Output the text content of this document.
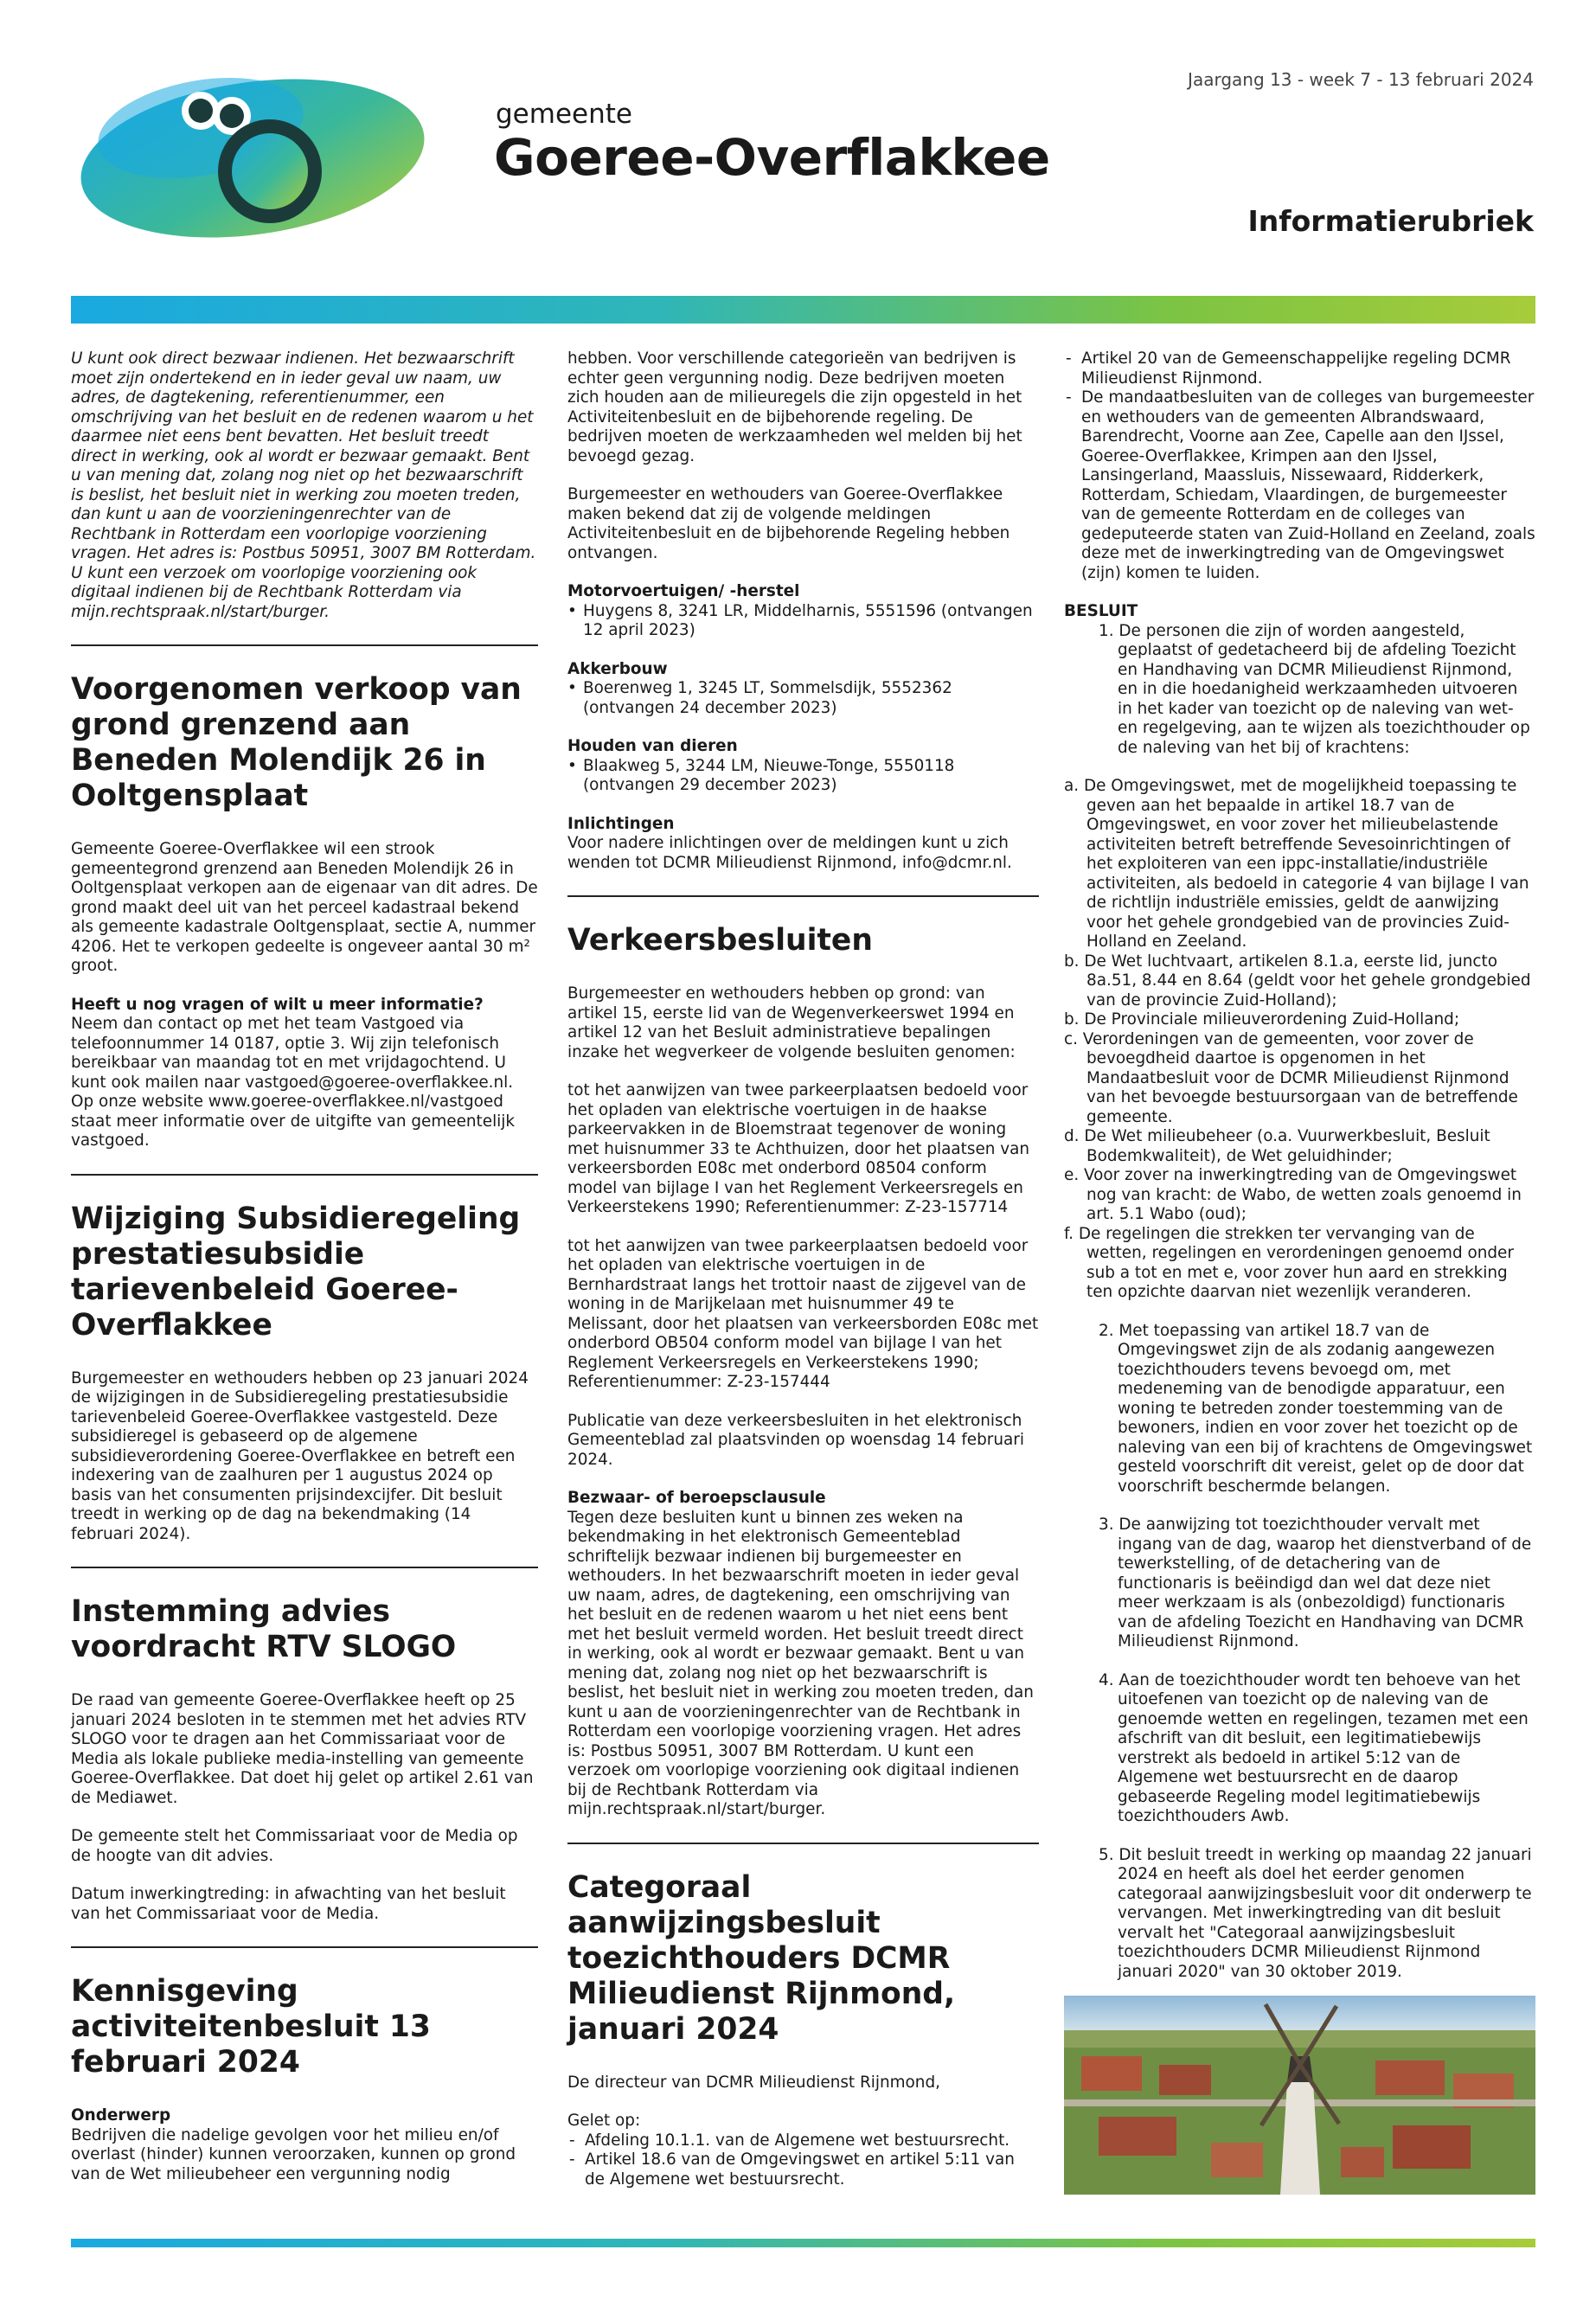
gemeente
Goeree-Overflakkee
Jaargang 13 - week 7 - 13 februari 2024
Informatierubriek

U kunt ook direct bezwaar indienen. Het bezwaarschrift moet zijn ondertekend en in ieder geval uw naam, uw adres, de dagtekening, referentienummer, een omschrijving van het besluit en de redenen waarom u het daarmee niet eens bent bevatten. Het besluit treedt direct in werking, ook al wordt er bezwaar gemaakt. Bent u van mening dat, zolang nog niet op het bezwaarschrift is beslist, het besluit niet in werking zou moeten treden, dan kunt u aan de voorzieningenrechter van de Rechtbank in Rotterdam een voorlopige voorziening vragen. Het adres is: Postbus 50951, 3007 BM Rotterdam. U kunt een verzoek om voorlopige voorziening ook digitaal indienen bij de Rechtbank Rotterdam via mijn.rechtspraak.nl/start/burger.

Voorgenomen verkoop van grond grenzend aan Beneden Molendijk 26 in Ooltgensplaat

Gemeente Goeree-Overflakkee wil een strook gemeentegrond grenzend aan Beneden Molendijk 26 in Ooltgensplaat verkopen aan de eigenaar van dit adres. De grond maakt deel uit van het perceel kadastraal bekend als gemeente kadastrale Ooltgensplaat, sectie A, nummer 4206. Het te verkopen gedeelte is ongeveer aantal 30 m² groot.

Heeft u nog vragen of wilt u meer informatie?

Neem dan contact op met het team Vastgoed via telefoonnummer 14 0187, optie 3. Wij zijn telefonisch bereikbaar van maandag tot en met vrijdagochtend. U kunt ook mailen naar vastgoed@goeree-overflakkee.nl. Op onze website www.goeree-overflakkee.nl/vastgoed staat meer informatie over de uitgifte van gemeentelijk vastgoed.

Wijziging Subsidieregeling prestatiesubsidie tarievenbeleid Goeree-Overflakkee

Burgemeester en wethouders hebben op 23 januari 2024 de wijzigingen in de Subsidieregeling prestatiesubsidie tarievenbeleid Goeree-Overflakkee vastgesteld. Deze subsidieregel is gebaseerd op de algemene subsidieverordening Goeree-Overflakkee en betreft een indexering van de zaalhuren per 1 augustus 2024 op basis van het consumenten prijsindexcijfer. Dit besluit treedt in werking op de dag na bekendmaking (14 februari 2024).

Instemming advies voordracht RTV SLOGO

De raad van gemeente Goeree-Overflakkee heeft op 25 januari 2024 besloten in te stemmen met het advies RTV SLOGO voor te dragen aan het Commissariaat voor de Media als lokale publieke media-instelling van gemeente Goeree-Overflakkee. Dat doet hij gelet op artikel 2.61 van de Mediawet.

De gemeente stelt het Commissariaat voor de Media op de hoogte van dit advies.

Datum inwerkingtreding: in afwachting van het besluit van het Commissariaat voor de Media.

Kennisgeving activiteitenbesluit 13 februari 2024
Onderwerp

Bedrijven die nadelige gevolgen voor het milieu en/of overlast (hinder) kunnen veroorzaken, kunnen op grond van de Wet milieubeheer een vergunning nodig

hebben. Voor verschillende categorieën van bedrijven is echter geen vergunning nodig. Deze bedrijven moeten zich houden aan de milieuregels die zijn opgesteld in het Activiteitenbesluit en de bijbehorende regeling. De bedrijven moeten de werkzaamheden wel melden bij het bevoegd gezag.

Burgemeester en wethouders van Goeree-Overflakkee maken bekend dat zij de volgende meldingen Activiteitenbesluit en de bijbehorende Regeling hebben ontvangen.

Motorvoertuigen/ -herstel
• Huygens 8, 3241 LR, Middelharnis, 5551596 (ontvangen 12 april 2023)
Akkerbouw
• Boerenweg 1, 3245 LT, Sommelsdijk, 5552362 (ontvangen 24 december 2023)
Houden van dieren
• Blaakweg 5, 3244 LM, Nieuwe-Tonge, 5550118 (ontvangen 29 december 2023)
Inlichtingen

Voor nadere inlichtingen over de meldingen kunt u zich wenden tot DCMR Milieudienst Rijnmond, info@dcmr.nl.

Verkeersbesluiten

Burgemeester en wethouders hebben op grond: van artikel 15, eerste lid van de Wegenverkeerswet 1994 en artikel 12 van het Besluit administratieve bepalingen inzake het wegverkeer de volgende besluiten genomen:

tot het aanwijzen van twee parkeerplaatsen bedoeld voor het opladen van elektrische voertuigen in de haakse parkeervakken in de Bloemstraat tegenover de woning met huisnummer 33 te Achthuizen, door het plaatsen van verkeersborden E08c met onderbord 08504 conform model van bijlage I van het Reglement Verkeersregels en Verkeerstekens 1990; Referentienummer: Z-23-157714

tot het aanwijzen van twee parkeerplaatsen bedoeld voor het opladen van elektrische voertuigen in de Bernhardstraat langs het trottoir naast de zijgevel van de woning in de Marijkelaan met huisnummer 49 te Melissant, door het plaatsen van verkeersborden E08c met onderbord OB504 conform model van bijlage I van het Reglement Verkeersregels en Verkeerstekens 1990; Referentienummer: Z-23-157444

Publicatie van deze verkeersbesluiten in het elektronisch Gemeenteblad zal plaatsvinden op woensdag 14 februari 2024.

Bezwaar- of beroepsclausule

Tegen deze besluiten kunt u binnen zes weken na bekendmaking in het elektronisch Gemeenteblad schriftelijk bezwaar indienen bij burgemeester en wethouders. In het bezwaarschrift moeten in ieder geval uw naam, adres, de dagtekening, een omschrijving van het besluit en de redenen waarom u het niet eens bent met het besluit vermeld worden. Het besluit treedt direct in werking, ook al wordt er bezwaar gemaakt. Bent u van mening dat, zolang nog niet op het bezwaarschrift is beslist, het besluit niet in werking zou moeten treden, dan kunt u aan de voorzieningenrechter van de Rechtbank in Rotterdam een voorlopige voorziening vragen. Het adres is: Postbus 50951, 3007 BM Rotterdam. U kunt een verzoek om voorlopige voorziening ook digitaal indienen bij de Rechtbank Rotterdam via mijn.rechtspraak.nl/start/burger.

Categoraal aanwijzingsbesluit toezichthouders DCMR Milieudienst Rijnmond, januari 2024

De directeur van DCMR Milieudienst Rijnmond,

Gelet op:

- Afdeling 10.1.1. van de Algemene wet bestuursrecht.
- Artikel 18.6 van de Omgevingswet en artikel 5:11 van de Algemene wet bestuursrecht.
- Artikel 20 van de Gemeenschappelijke regeling DCMR Milieudienst Rijnmond.
- De mandaatbesluiten van de colleges van burgemeester en wethouders van de gemeenten Albrandswaard, Barendrecht, Voorne aan Zee, Capelle aan den IJssel, Goeree-Overflakkee, Krimpen aan den IJssel, Lansingerland, Maassluis, Nissewaard, Ridderkerk, Rotterdam, Schiedam, Vlaardingen, de burgemeester van de gemeente Rotterdam en de colleges van gedeputeerde staten van Zuid-Holland en Zeeland, zoals deze met de inwerkingtreding van de Omgevingswet (zijn) komen te luiden.
BESLUIT

1. De personen die zijn of worden aangesteld, geplaatst of gedetacheerd bij de afdeling Toezicht en Handhaving van DCMR Milieudienst Rijnmond, en in die hoedanigheid werkzaamheden uitvoeren in het kader van toezicht op de naleving van wet- en regelgeving, aan te wijzen als toezichthouder op de naleving van het bij of krachtens:

a. De Omgevingswet, met de mogelijkheid toepassing te geven aan het bepaalde in artikel 18.7 van de Omgevingswet, en voor zover het milieubelastende activiteiten betreft betreffende Sevesoinrichtingen of het exploiteren van een ippc-installatie/industriële activiteiten, als bedoeld in categorie 4 van bijlage I van de richtlijn industriële emissies, geldt de aanwijzing voor het gehele grondgebied van de provincies Zuid-Holland en Zeeland.

b. De Wet luchtvaart, artikelen 8.1.a, eerste lid, juncto 8a.51, 8.44 en 8.64 (geldt voor het gehele grondgebied van de provincie Zuid-Holland);

b. De Provinciale milieuverordening Zuid-Holland;

c. Verordeningen van de gemeenten, voor zover de bevoegdheid daartoe is opgenomen in het Mandaatbesluit voor de DCMR Milieudienst Rijnmond van het bevoegde bestuursorgaan van de betreffende gemeente.

d. De Wet milieubeheer (o.a. Vuurwerkbesluit, Besluit Bodemkwaliteit), de Wet geluidhinder;

e. Voor zover na inwerkingtreding van de Omgevingswet nog van kracht: de Wabo, de wetten zoals genoemd in art. 5.1 Wabo (oud);

f. De regelingen die strekken ter vervanging van de wetten, regelingen en verordeningen genoemd onder sub a tot en met e, voor zover hun aard en strekking ten opzichte daarvan niet wezenlijk veranderen.

2. Met toepassing van artikel 18.7 van de Omgevingswet zijn de als zodanig aangewezen toezichthouders tevens bevoegd om, met medeneming van de benodigde apparatuur, een woning te betreden zonder toestemming van de bewoners, indien en voor zover het toezicht op de naleving van een bij of krachtens de Omgevingswet gesteld voorschrift dit vereist, gelet op de door dat voorschrift beschermde belangen.

3. De aanwijzing tot toezichthouder vervalt met ingang van de dag, waarop het dienstverband of de tewerkstelling, of de detachering van de functionaris is beëindigd dan wel dat deze niet meer werkzaam is als (onbezoldigd) functionaris van de afdeling Toezicht en Handhaving van DCMR Milieudienst Rijnmond.

4. Aan de toezichthouder wordt ten behoeve van het uitoefenen van toezicht op de naleving van de genoemde wetten en regelingen, tezamen met een afschrift van dit besluit, een legitimatiebewijs verstrekt als bedoeld in artikel 5:12 van de Algemene wet bestuursrecht en de daarop gebaseerde Regeling model legitimatiebewijs toezichthouders Awb.

5. Dit besluit treedt in werking op maandag 22 januari 2024 en heeft als doel het eerder genomen categoraal aanwijzingsbesluit voor dit onderwerp te vervangen. Met inwerkingtreding van dit besluit vervalt het "Categoraal aanwijzingsbesluit toezichthouders DCMR Milieudienst Rijnmond januari 2020" van 30 oktober 2019.
